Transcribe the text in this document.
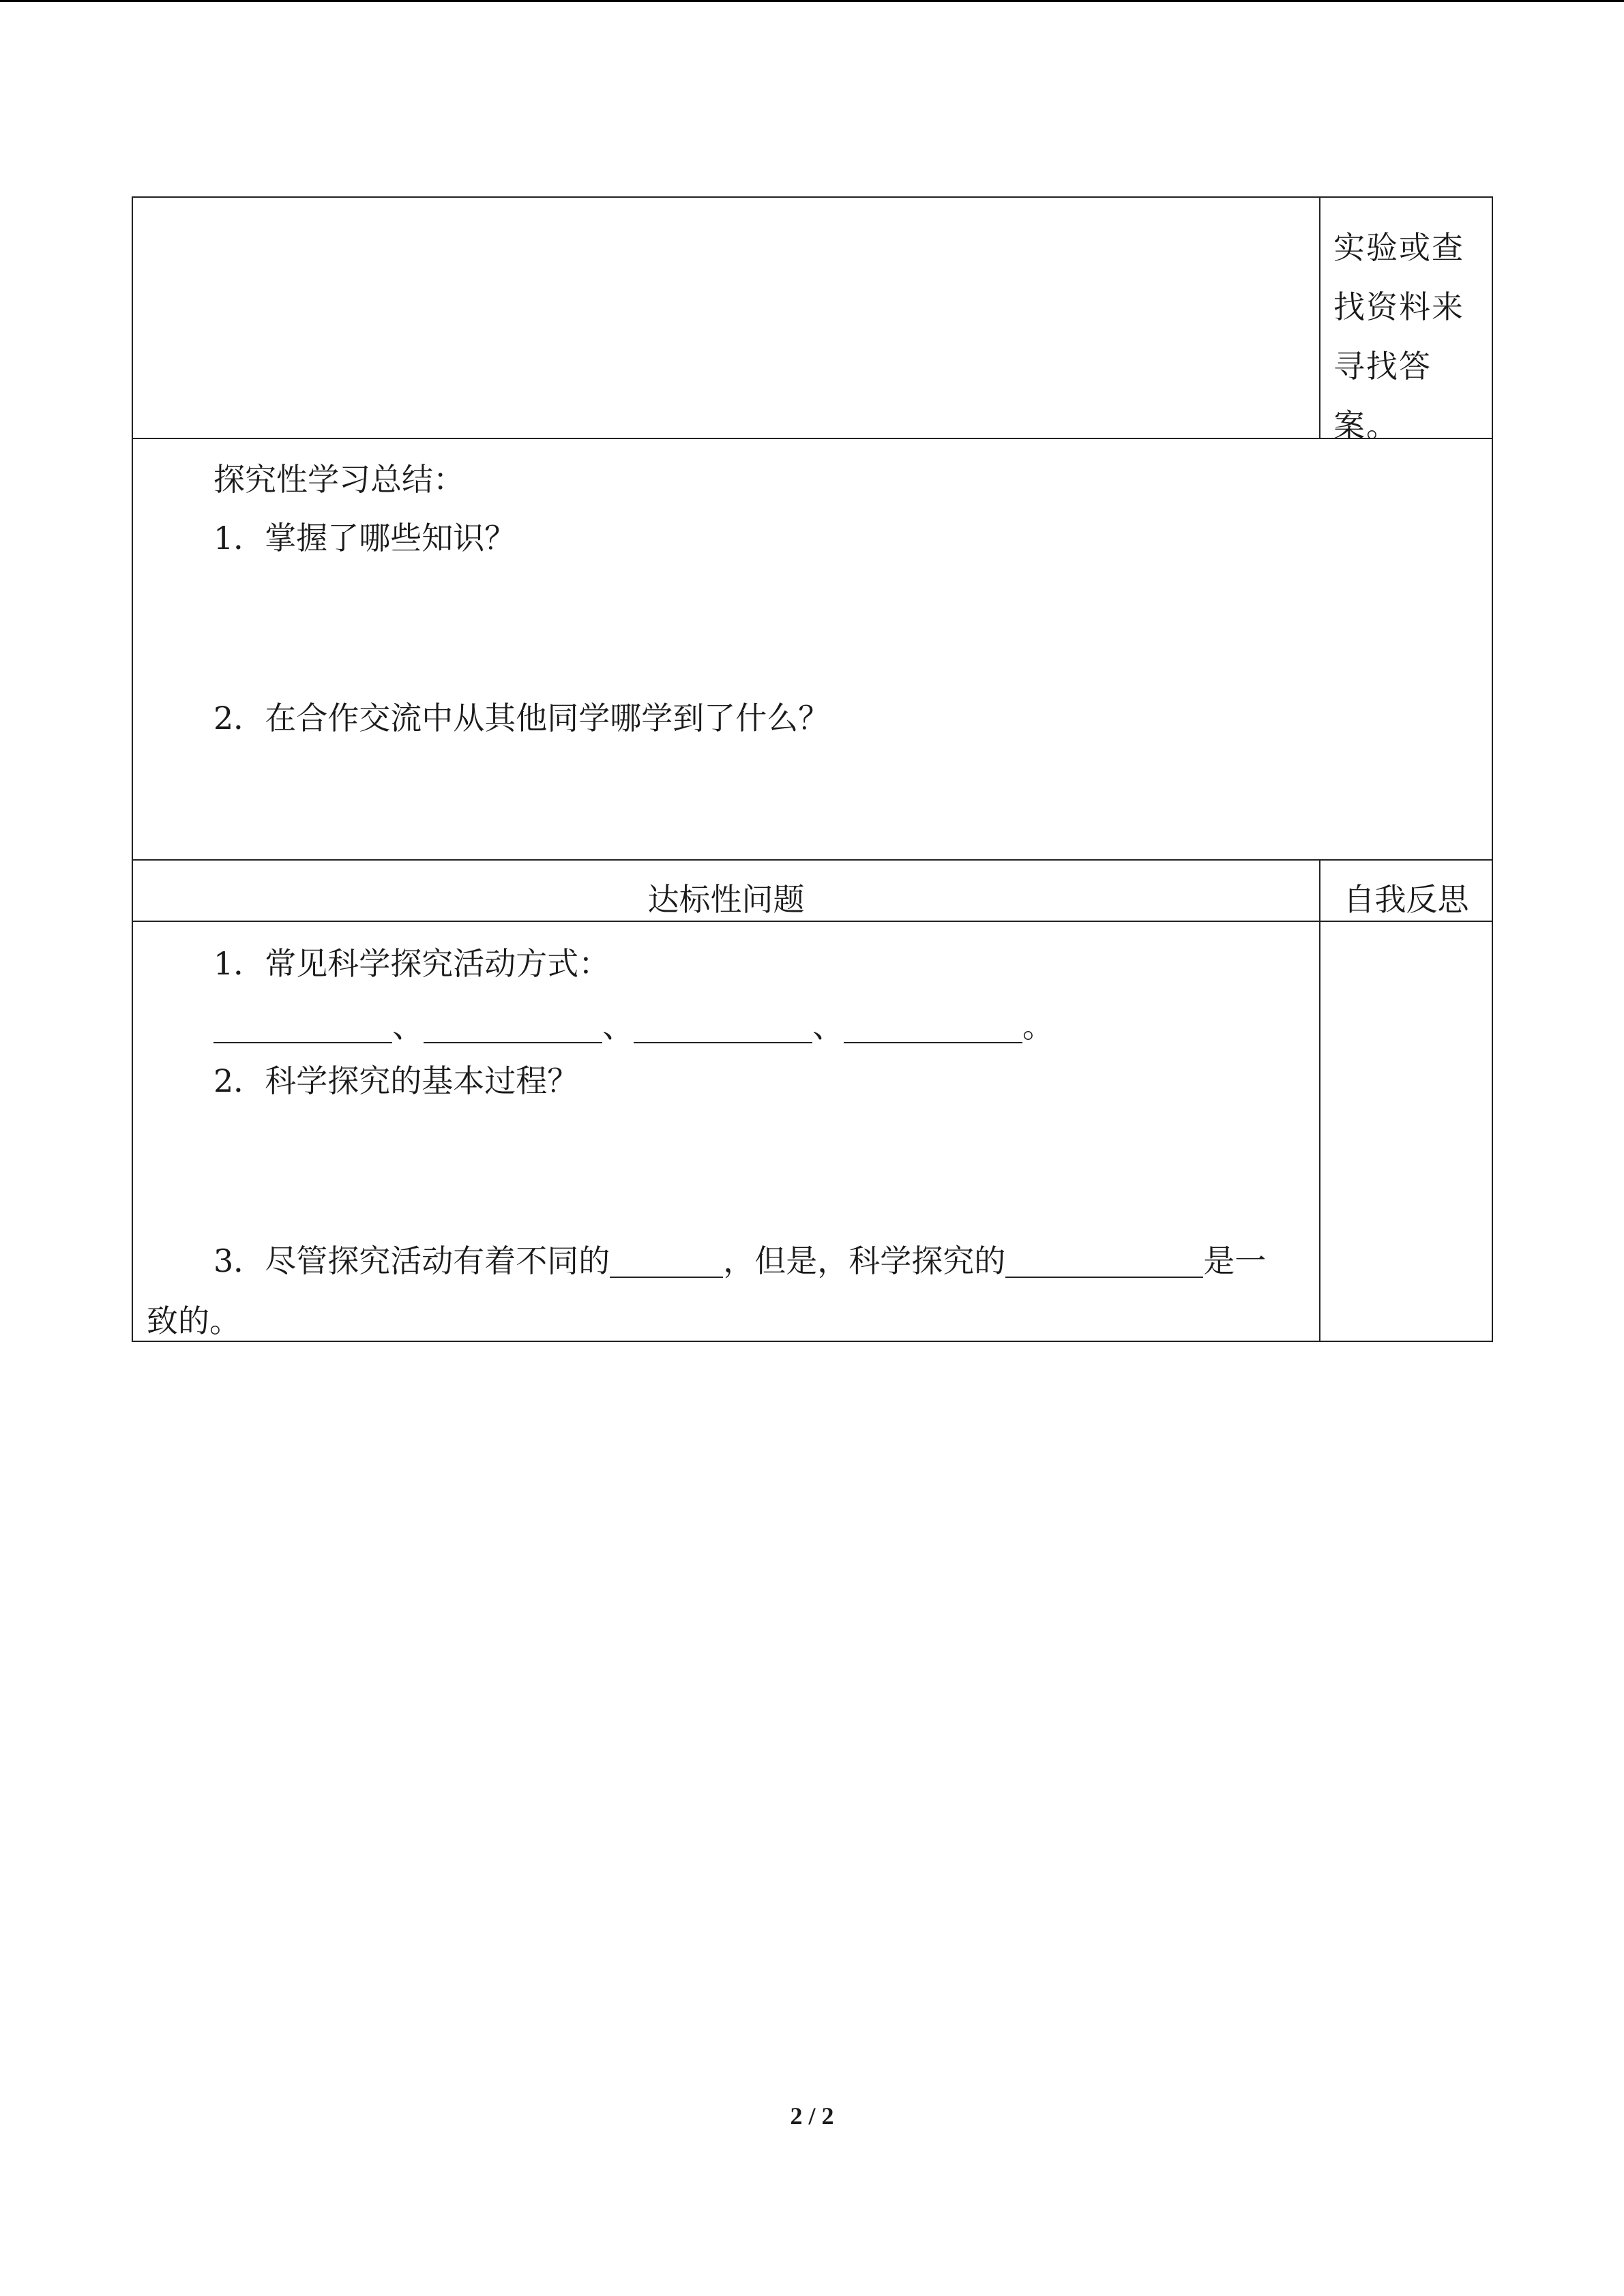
实验或查找资料来寻找答案。
探究性学习总结：
1．掌握了哪些知识？
2．在合作交流中从其他同学哪学到了什么？
达标性问题	自我反思
1．常见科学探究活动方式：
、	、	、	。
2．科学探究的基本过程？
3．尽管探究活动有着不同的	，但是，科学探究的	是一
致的。
2 / 2
